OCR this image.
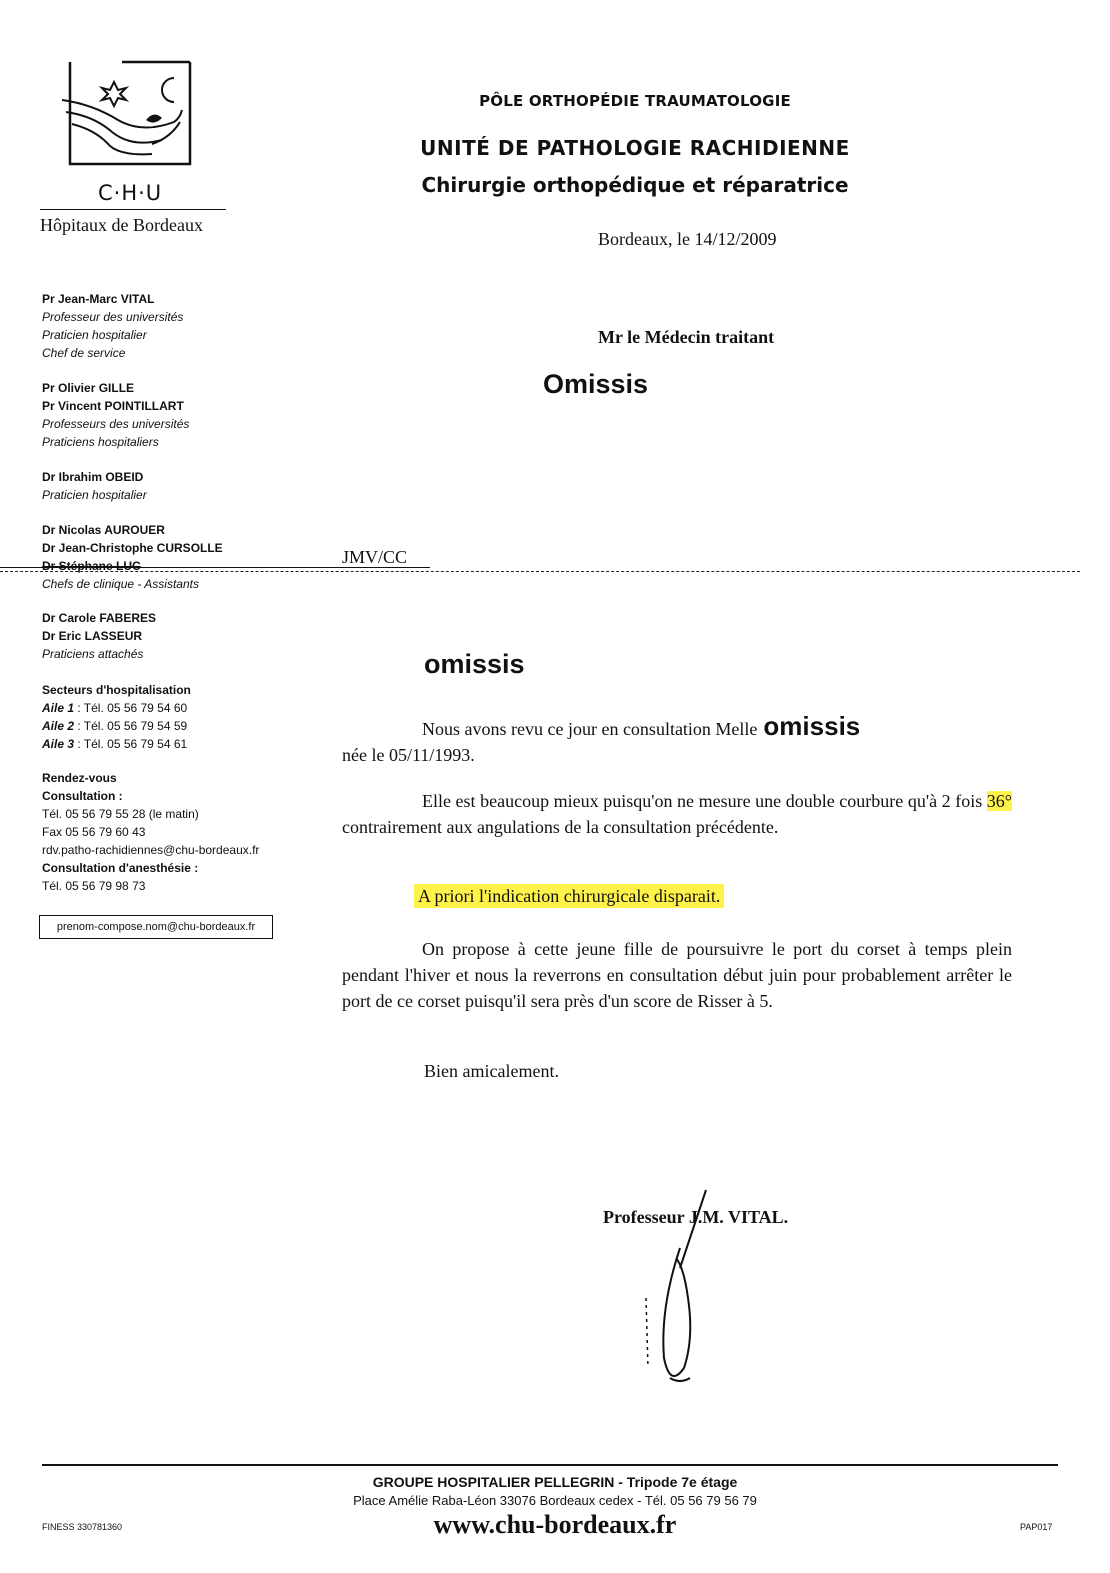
C·H·U
Hôpitaux de Bordeaux
PÔLE ORTHOPÉDIE TRAUMATOLOGIE
UNITÉ DE PATHOLOGIE RACHIDIENNE
Chirurgie orthopédique et réparatrice
Bordeaux, le 14/12/2009
Mr le Médecin traitant
Omissis
Pr Jean-Marc VITAL
Professeur des universités
Praticien hospitalier
Chef de service
Pr Olivier GILLE
Pr Vincent POINTILLART
Professeurs des universités
Praticiens hospitaliers
Dr Ibrahim OBEID
Praticien hospitalier
Dr Nicolas AUROUER
Dr Jean-Christophe CURSOLLE
Dr Stéphane LUC
Chefs de clinique - Assistants
Dr Carole FABERES
Dr Eric LASSEUR
Praticiens attachés
Secteurs d'hospitalisation
Aile 1 : Tél. 05 56 79 54 60
Aile 2 : Tél. 05 56 79 54 59
Aile 3 : Tél. 05 56 79 54 61
Rendez-vous
Consultation :
Tél. 05 56 79 55 28 (le matin)
Fax 05 56 79 60 43
rdv.patho-rachidiennes@chu-bordeaux.fr
Consultation d'anesthésie :
Tél. 05 56 79 98 73
prenom-compose.nom@chu-bordeaux.fr
JMV/CC
omissis
Nous avons revu ce jour en consultation Melle omissis
née le 05/11/1993.
Elle est beaucoup mieux puisqu'on ne mesure une double courbure qu'à 2 fois 36° contrairement aux angulations de la consultation précédente.
A priori l'indication chirurgicale disparait.
On propose à cette jeune fille de poursuivre le port du corset à temps plein pendant l'hiver et nous la reverrons en consultation début juin pour probablement arrêter le port de ce corset puisqu'il sera près d'un score de Risser à 5.
Bien amicalement.
Professeur J.M. VITAL.
GROUPE HOSPITALIER PELLEGRIN - Tripode 7e étage
Place Amélie Raba-Léon 33076 Bordeaux cedex - Tél. 05 56 79 56 79
www.chu-bordeaux.fr
FINESS 330781360	PAP017
